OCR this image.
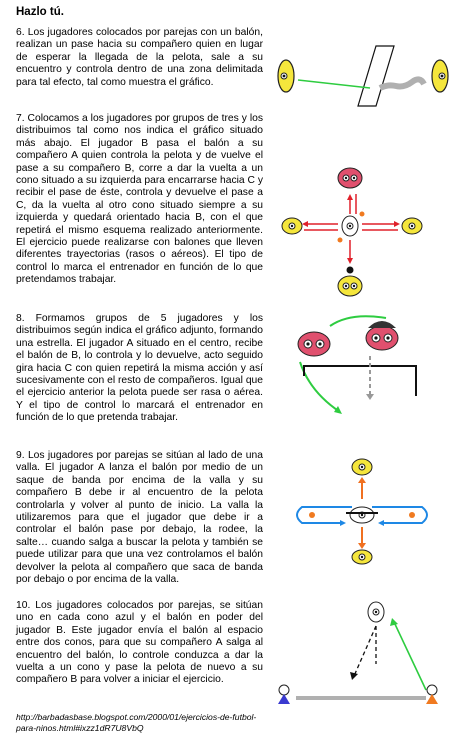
Hazlo tú.

6. Los jugadores colocados por parejas con un balón, realizan un pase hacia su compañero quien en lugar de esperar la llegada de la pelota, sale a su encuentro y controla dentro de una zona delimitada para tal efecto, tal como muestra el gráfico.

7. Colocamos a los jugadores por grupos de tres y los distribuimos tal como nos indica el gráfico situado más abajo. El jugador B pasa el balón a su compañero A quien controla la pelota y de vuelve el pase a su compañero B, corre a dar la vuelta a un cono situado a su izquierda para encarrarse hacia C y recibir el pase de éste, controla y devuelve el pase a C, da la vuelta al otro cono situado siempre a su izquierda y quedará orientado hacia B, con el que repetirá el mismo esquema realizado anteriormente. El ejercicio puede realizarse con balones que lleven diferentes trayectorias (rasos o aéreos). El tipo de control lo marca el entrenador en función de lo que pretendamos trabajar.

8. Formamos grupos de 5 jugadores y los distribuimos según indica el gráfico adjunto, formando una estrella. El jugador A situado en el centro, recibe el balón de B, lo controla y lo devuelve, acto seguido gira hacia C con quien repetirá la misma acción y así sucesivamente con el resto de compañeros. Igual que el ejercicio anterior la pelota puede ser rasa o aérea. Y el tipo de control lo marcará el entrenador en función de lo que pretenda trabajar.

9. Los jugadores por parejas se sitúan al lado de una valla. El jugador A lanza el balón por medio de un saque de banda por encima de la valla y su compañero B debe ir al encuentro de la pelota controlarla y volver al punto de inicio. La valla la utilizaremos para que el jugador que debe ir a controlar el balón pase por debajo, la rodee, la salte… cuando salga a buscar la pelota y también se puede utilizar para que una vez controlamos el balón devolver la pelota al compañero que saca de banda por debajo o por encima de la valla.

10. Los jugadores colocados por parejas, se sitúan uno en cada cono azul y el balón en poder del jugador B. Este jugador envía el balón al espacio entre dos conos, para que su compañero A salga al encuentro del balón, lo controle conduzca a dar la vuelta a un cono y pase la pelota de nuevo a su compañero B para volver a iniciar el ejercicio.

http://barbadasbase.blogspot.com/2000/01/ejercicios-de-futbol-para-ninos.html#ixzz1dR7U8VbQ
